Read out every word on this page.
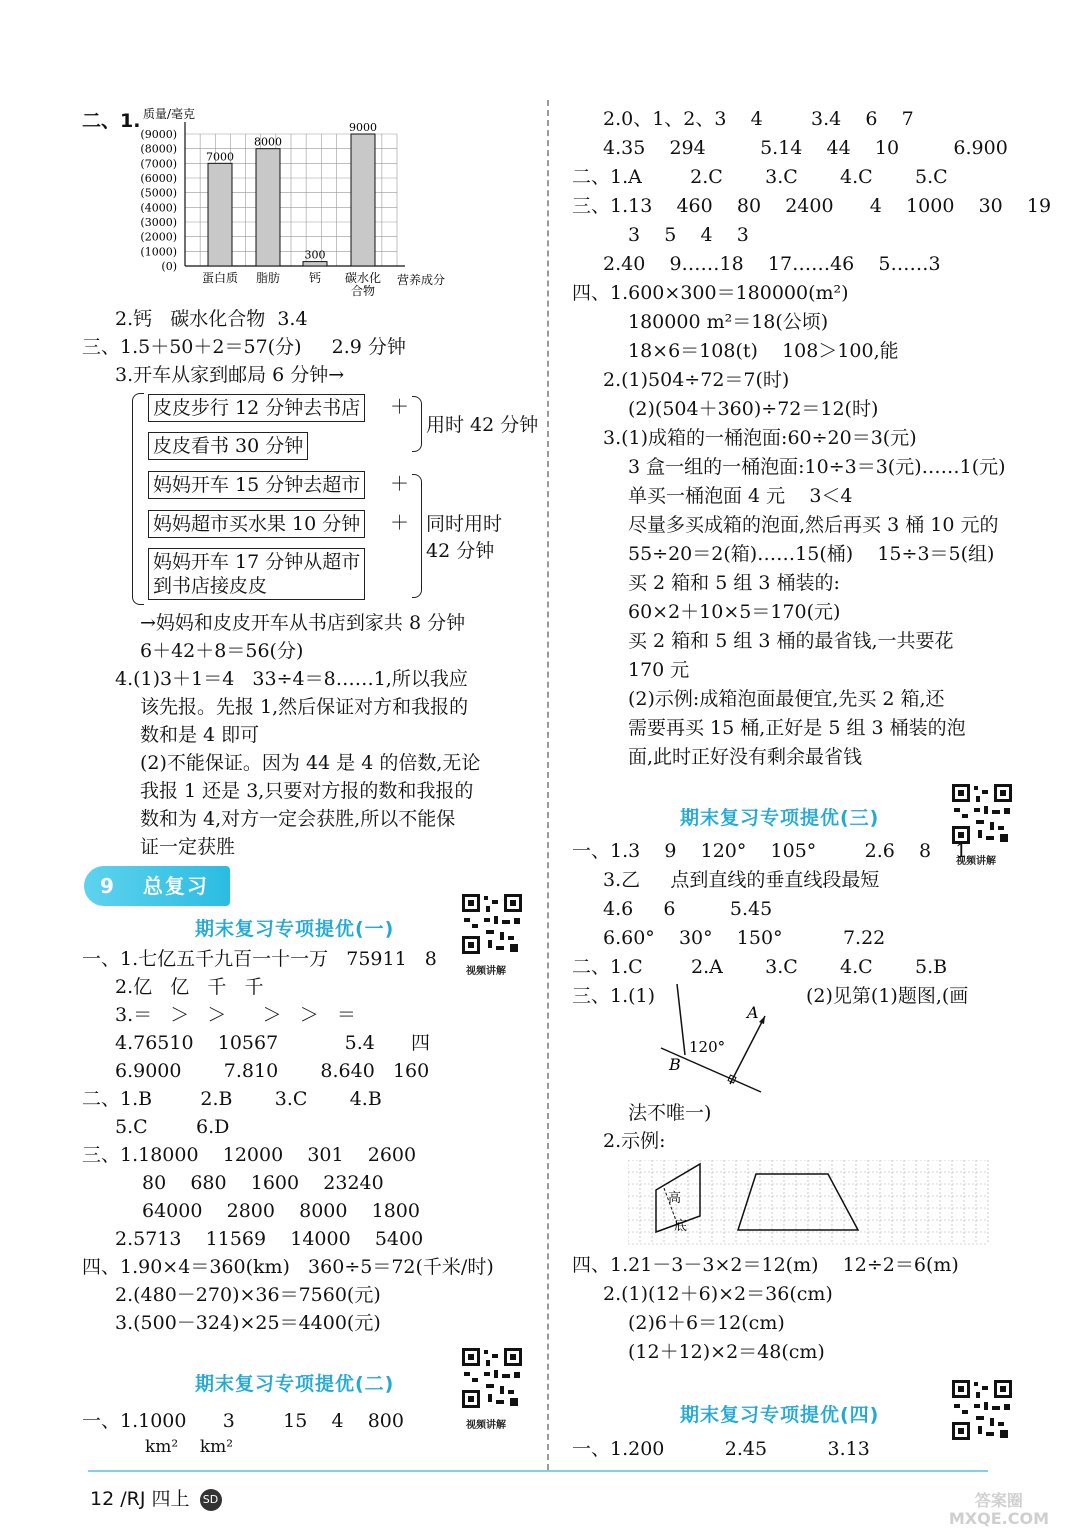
二、1. 质量/毫克
(9000)
(8000)
(7000)
(6000)
(5000)
(4000)
(3000)
(2000)
(1000)
(0)
7000
8000
300
9000
蛋白质 脂肪 钙 碳水化
合物
营养成分
2.钙   碳水化合物  3.4
三、1.5＋50＋2＝57(分)     2.9 分钟
3.开车从家到邮局 6 分钟→
皮皮步行 12 分钟去书店
皮皮看书 30 分钟
妈妈开车 15 分钟去超市
妈妈超市买水果 10 分钟
妈妈开车 17 分钟从超市
到书店接皮皮
＋
＋
＋
用时 42 分钟
同时用时
42 分钟
→妈妈和皮皮开车从书店到家共 8 分钟
6＋42＋8＝56(分)
4.(1)3＋1＝4   33÷4＝8……1,所以我应
该先报。先报 1,然后保证对方和我报的
数和是 4 即可
(2)不能保证。因为 44 是 4 的倍数,无论
我报 1 还是 3,只要对方报的数和我报的
数和为 4,对方一定会获胜,所以不能保
证一定获胜
9 总复习
期末复习专项提优(一)
视频讲解
一、1.七亿五千九百一十一万   75911   8
2.亿   亿   千   千
3.＝   ＞   ＞      ＞   ＞   ＝
4.76510    10567           5.4      四
6.9000       7.810       8.640   160
二、1.B        2.B       3.C       4.B
5.C        6.D
三、1.18000    12000    301    2600
80    680    1600    23240
64000    2800    8000    1800
2.5713    11569    14000    5400
四、1.90×4＝360(km)   360÷5＝72(千米/时)
2.(480－270)×36＝7560(元)
3.(500－324)×25＝4400(元)
期末复习专项提优(二)
视频讲解
一、1.1000      3        15    4    800
km²    km²
2.0、1、2、3    4        3.4    6    7
4.35    294         5.14    44    10         6.900
二、1.A        2.C       3.C       4.C       5.C
三、1.13    460    80    2400      4    1000    30    19
3    5    4    3
2.40    9……18    17……46    5……3
四、1.600×300＝180000(m²)
180000 m²＝18(公顷)
18×6＝108(t)    108＞100,能
2.(1)504÷72＝7(时)
(2)(504＋360)÷72＝12(时)
3.(1)成箱的一桶泡面:60÷20＝3(元)
3 盒一组的一桶泡面:10÷3＝3(元)……1(元)
单买一桶泡面 4 元    3＜4
尽量多买成箱的泡面,然后再买 3 桶 10 元的
55÷20＝2(箱)……15(桶)    15÷3＝5(组)
买 2 箱和 5 组 3 桶装的:
60×2＋10×5＝170(元)
买 2 箱和 5 组 3 桶的最省钱,一共要花
170 元
(2)示例:成箱泡面最便宜,先买 2 箱,还
需要再买 15 桶,正好是 5 组 3 桶装的泡
面,此时正好没有剩余最省钱
期末复习专项提优(三)
视频讲解
一、1.3    9    120°    105°        2.6    8    1
3.乙     点到直线的垂直线段最短
4.6     6         5.45
6.60°    30°    150°          7.22
二、1.C        2.A       3.C       4.C       5.B
三、1.(1)	(2)见第(1)题图,(画
A
B
120°
法不唯一)
2.示例:
高
底
四、1.21－3－3×2＝12(m)    12÷2＝6(m)
2.(1)(12＋6)×2＝36(cm)
(2)6＋6＝12(cm)
(12＋12)×2＝48(cm)
期末复习专项提优(四)
一、1.200          2.45          3.13
12 /RJ 四上 SD	答案圈
MXQE.COM
